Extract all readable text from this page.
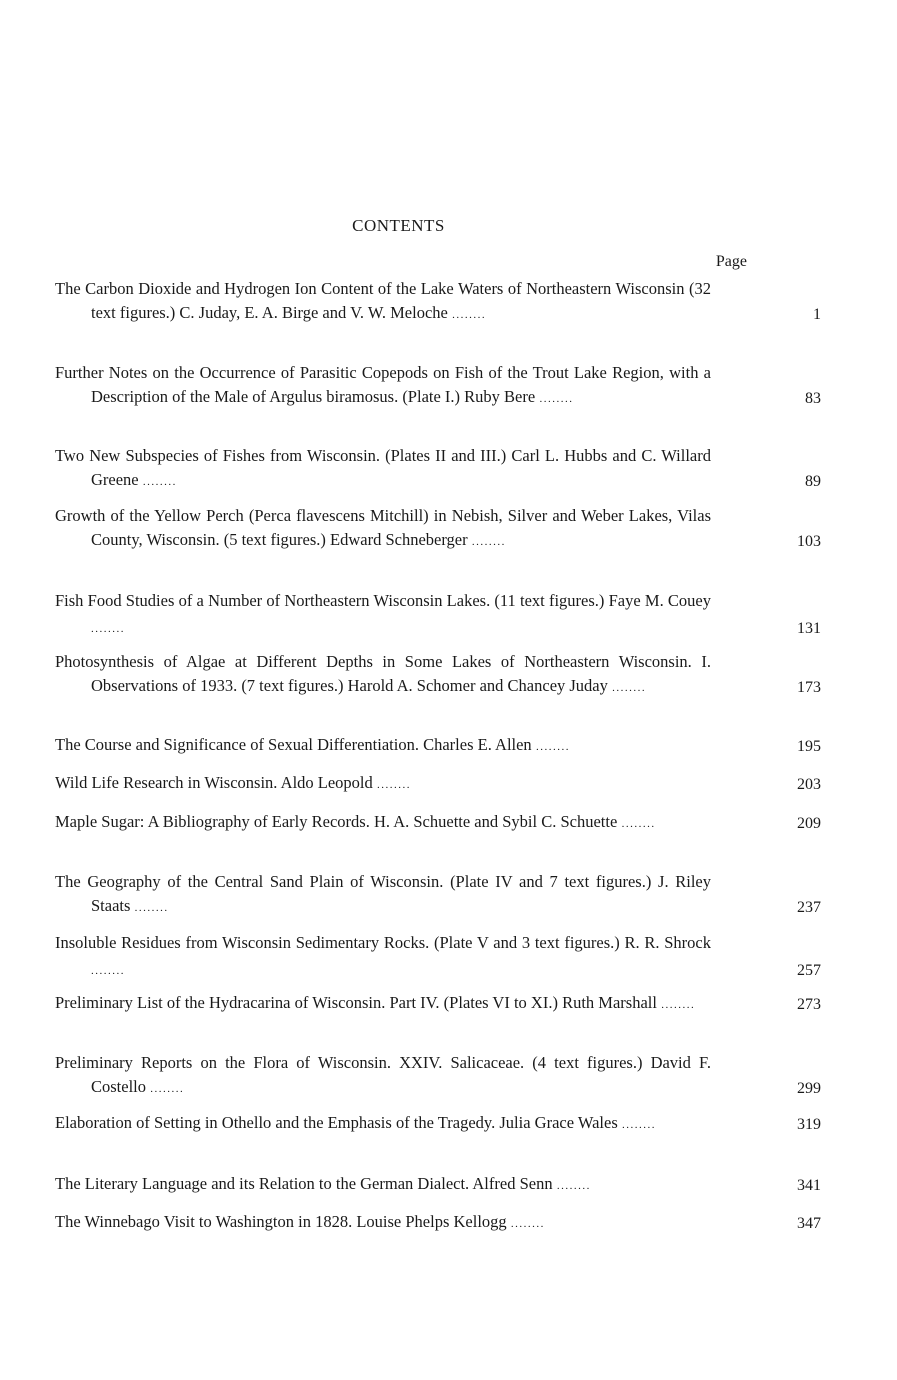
CONTENTS
Page
The Carbon Dioxide and Hydrogen Ion Content of the Lake Waters of Northeastern Wisconsin (32 text figures.) C. Juday, E. A. Birge and V. W. Meloche ........	1
Further Notes on the Occurrence of Parasitic Copepods on Fish of the Trout Lake Region, with a Description of the Male of Argulus biramosus. (Plate I.) Ruby Bere ........	83
Two New Subspecies of Fishes from Wisconsin. (Plates II and III.) Carl L. Hubbs and C. Willard Greene ........	89
Growth of the Yellow Perch (Perca flavescens Mitchill) in Nebish, Silver and Weber Lakes, Vilas County, Wisconsin. (5 text figures.) Edward Schneberger ........	103
Fish Food Studies of a Number of Northeastern Wisconsin Lakes. (11 text figures.) Faye M. Couey ........	131
Photosynthesis of Algae at Different Depths in Some Lakes of Northeastern Wisconsin. I. Observations of 1933. (7 text figures.) Harold A. Schomer and Chancey Juday ........	173
The Course and Significance of Sexual Differentiation. Charles E. Allen ........	195
Wild Life Research in Wisconsin. Aldo Leopold ........	203
Maple Sugar: A Bibliography of Early Records. H. A. Schuette and Sybil C. Schuette ........	209
The Geography of the Central Sand Plain of Wisconsin. (Plate IV and 7 text figures.) J. Riley Staats ........	237
Insoluble Residues from Wisconsin Sedimentary Rocks. (Plate V and 3 text figures.) R. R. Shrock ........	257
Preliminary List of the Hydracarina of Wisconsin. Part IV. (Plates VI to XI.) Ruth Marshall ........	273
Preliminary Reports on the Flora of Wisconsin. XXIV. Salicaceae. (4 text figures.) David F. Costello ........	299
Elaboration of Setting in Othello and the Emphasis of the Tragedy. Julia Grace Wales ........	319
The Literary Language and its Relation to the German Dialect. Alfred Senn ........	341
The Winnebago Visit to Washington in 1828. Louise Phelps Kellogg ........	347
